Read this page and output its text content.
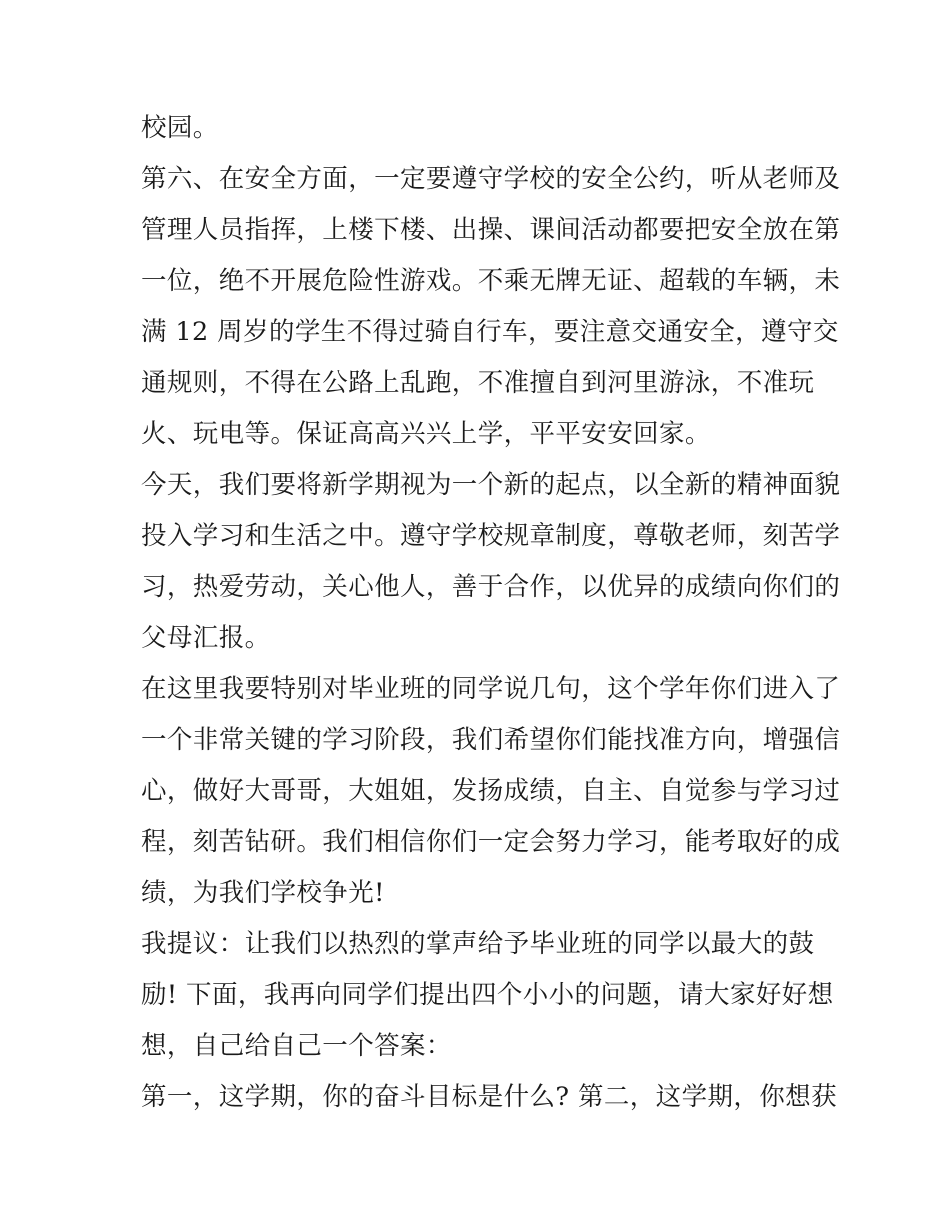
校园。
第六、在安全方面，一定要遵守学校的安全公约，听从老师及
管理人员指挥，上楼下楼、出操、课间活动都要把安全放在第
一位，绝不开展危险性游戏。不乘无牌无证、超载的车辆，未
满 12 周岁的学生不得过骑自行车，要注意交通安全，遵守交
通规则，不得在公路上乱跑，不准擅自到河里游泳，不准玩
火、玩电等。保证高高兴兴上学，平平安安回家。
今天，我们要将新学期视为一个新的起点，以全新的精神面貌
投入学习和生活之中。遵守学校规章制度，尊敬老师，刻苦学
习，热爱劳动，关心他人，善于合作，以优异的成绩向你们的
父母汇报。
在这里我要特别对毕业班的同学说几句，这个学年你们进入了
一个非常关键的学习阶段，我们希望你们能找准方向，增强信
心，做好大哥哥，大姐姐，发扬成绩，自主、自觉参与学习过
程，刻苦钻研。我们相信你们一定会努力学习，能考取好的成
绩，为我们学校争光!
我提议：让我们以热烈的掌声给予毕业班的同学以最大的鼓
励! 下面，我再向同学们提出四个小小的问题，请大家好好想
想，自己给自己一个答案：
第一，这学期，你的奋斗目标是什么? 第二，这学期，你想获
